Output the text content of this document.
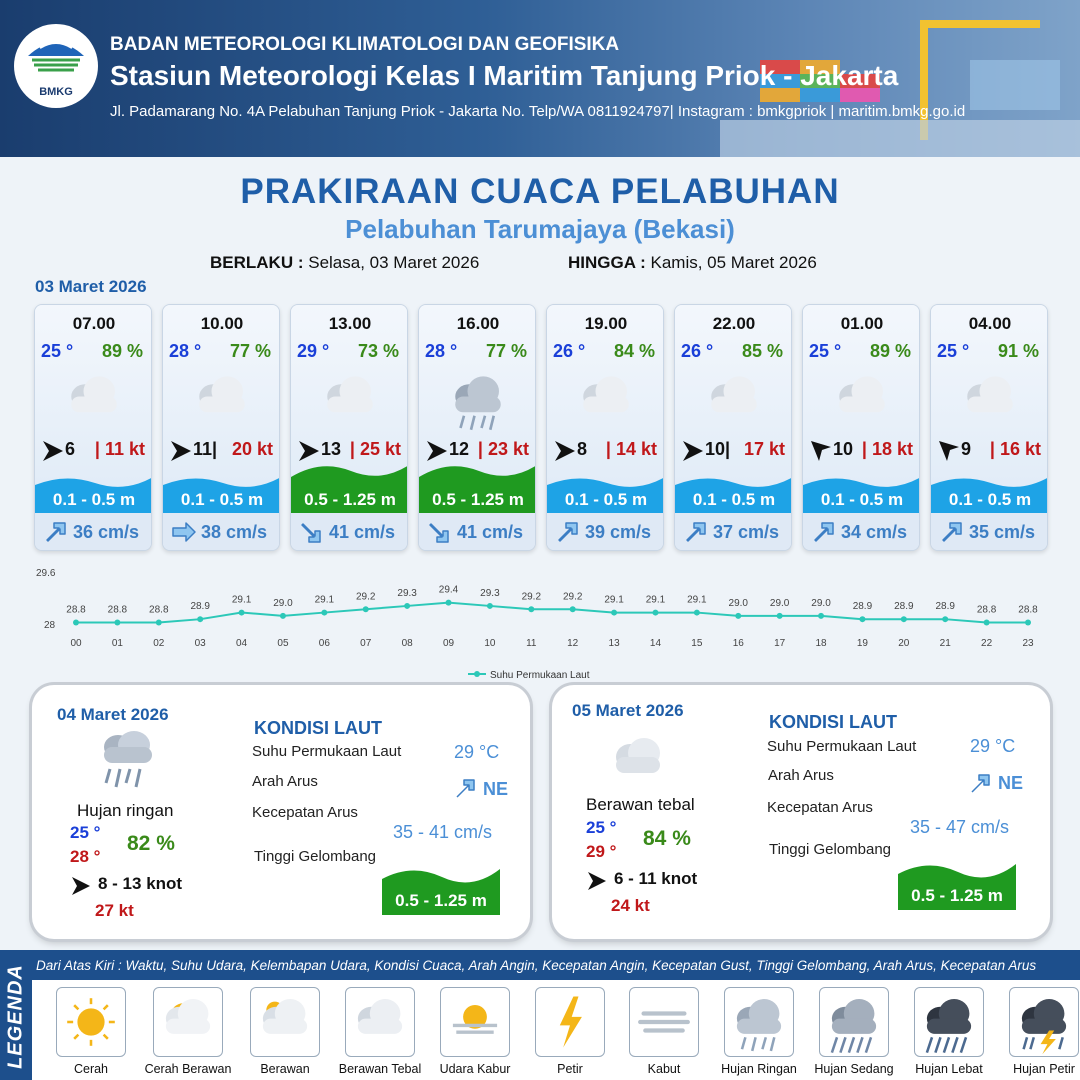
BMKG
BADAN METEOROLOGI KLIMATOLOGI DAN GEOFISIKA
Stasiun Meteorologi Kelas I Maritim Tanjung Priok - Jakarta
Jl. Padamarang No. 4A Pelabuhan Tanjung Priok - Jakarta No. Telp/WA 0811924797| Instagram : bmkgpriok | maritim.bmkg.go.id
PRAKIRAAN CUACA PELABUHAN
Pelabuhan Tarumajaya (Bekasi)
BERLAKU : Selasa, 03 Maret 2026	HINGGA : Kamis, 05 Maret 2026
03 Maret 2026
07.00
25 ° 89 %
6 | 11 kt
0.1 - 0.5 m
36 cm/s
10.00
28 ° 77 %
11| 20 kt
0.1 - 0.5 m
38 cm/s
13.00
29 ° 73 %
13 | 25 kt
0.5 - 1.25 m
41 cm/s
16.00
28 ° 77 %
12 | 23 kt
0.5 - 1.25 m
41 cm/s
19.00
26 ° 84 %
8 | 14 kt
0.1 - 0.5 m
39 cm/s
22.00
26 ° 85 %
10| 17 kt
0.1 - 0.5 m
37 cm/s
01.00
25 ° 89 %
10 | 18 kt
0.1 - 0.5 m
34 cm/s
04.00
25 ° 91 %
9 | 16 kt
0.1 - 0.5 m
35 cm/s
29.6
28
28.8 28.8 28.8 28.9
29.1 29.0 29.1 29.2 29.3 29.4 29.3 29.2 29.2 29.1 29.1 29.1 29.0 29.0 29.0 28.9 28.9 28.9 28.8 28.8
00	01	02	03	04	05	06	07	08	09	10	11	12	13	14	15	16	17	18	19	20	21	22	23
Suhu Permukaan Laut
04 Maret 2026
Hujan ringan
25 °
28 °
82 %
8 - 13 knot
27 kt
KONDISI LAUT
Suhu Permukaan Laut	29 °C
Arah Arus	NE
Kecepatan Arus
35 - 41 cm/s
Tinggi Gelombang
0.5 - 1.25 m
05 Maret 2026
Berawan tebal
25 °
29 °
84 %
6 - 11 knot
24 kt
KONDISI LAUT
Suhu Permukaan Laut	29 °C
Arah Arus	NE
Kecepatan Arus
35 - 47 cm/s
Tinggi Gelombang
0.5 - 1.25 m
LEGENDA Dari Atas Kiri : Waktu, Suhu Udara, Kelembapan Udara, Kondisi Cuaca, Arah Angin, Kecepatan Angin, Kecepatan Gust, Tinggi Gelombang, Arah Arus, Kecepatan Arus
Cerah	Cerah Berawan	Berawan	Berawan Tebal	Udara Kabur	Petir	Kabut	Hujan Ringan	Hujan Sedang	Hujan Lebat	Hujan Petir
